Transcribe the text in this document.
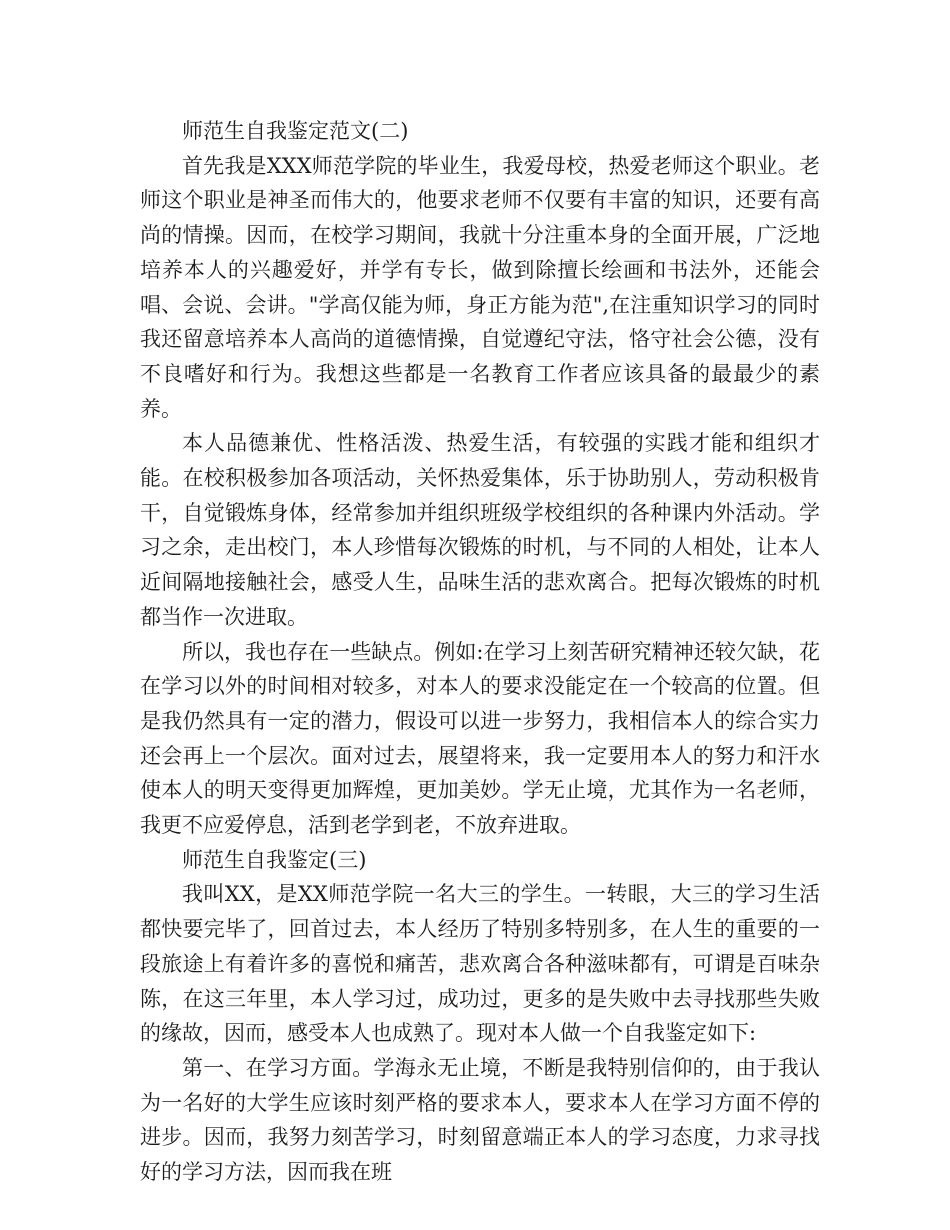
师范生自我鉴定范文(二)

首先我是XXX师范学院的毕业生，我爱母校，热爱老师这个职业。老师这个职业是神圣而伟大的，他要求老师不仅要有丰富的知识，还要有高尚的情操。因而，在校学习期间，我就十分注重本身的全面开展，广泛地培养本人的兴趣爱好，并学有专长，做到除擅长绘画和书法外，还能会唱、会说、会讲。"学高仅能为师，身正方能为范",在注重知识学习的同时我还留意培养本人高尚的道德情操，自觉遵纪守法，恪守社会公德，没有不良嗜好和行为。我想这些都是一名教育工作者应该具备的最最少的素养。

本人品德兼优、性格活泼、热爱生活，有较强的实践才能和组织才能。在校积极参加各项活动，关怀热爱集体，乐于协助别人，劳动积极肯干，自觉锻炼身体，经常参加并组织班级学校组织的各种课内外活动。学习之余，走出校门，本人珍惜每次锻炼的时机，与不同的人相处，让本人近间隔地接触社会，感受人生，品味生活的悲欢离合。把每次锻炼的时机都当作一次进取。

所以，我也存在一些缺点。例如:在学习上刻苦研究精神还较欠缺，花在学习以外的时间相对较多，对本人的要求没能定在一个较高的位置。但是我仍然具有一定的潜力，假设可以进一步努力，我相信本人的综合实力还会再上一个层次。面对过去，展望将来，我一定要用本人的努力和汗水使本人的明天变得更加辉煌，更加美妙。学无止境，尤其作为一名老师，我更不应爱停息，活到老学到老，不放弃进取。

师范生自我鉴定(三)

我叫XX，是XX师范学院一名大三的学生。一转眼，大三的学习生活都快要完毕了，回首过去，本人经历了特别多特别多，在人生的重要的一段旅途上有着许多的喜悦和痛苦，悲欢离合各种滋味都有，可谓是百味杂陈，在这三年里，本人学习过，成功过，更多的是失败中去寻找那些失败的缘故，因而，感受本人也成熟了。现对本人做一个自我鉴定如下:

第一、在学习方面。学海永无止境，不断是我特别信仰的，由于我认为一名好的大学生应该时刻严格的要求本人，要求本人在学习方面不停的进步。因而，我努力刻苦学习，时刻留意端正本人的学习态度，力求寻找好的学习方法，因而我在班
